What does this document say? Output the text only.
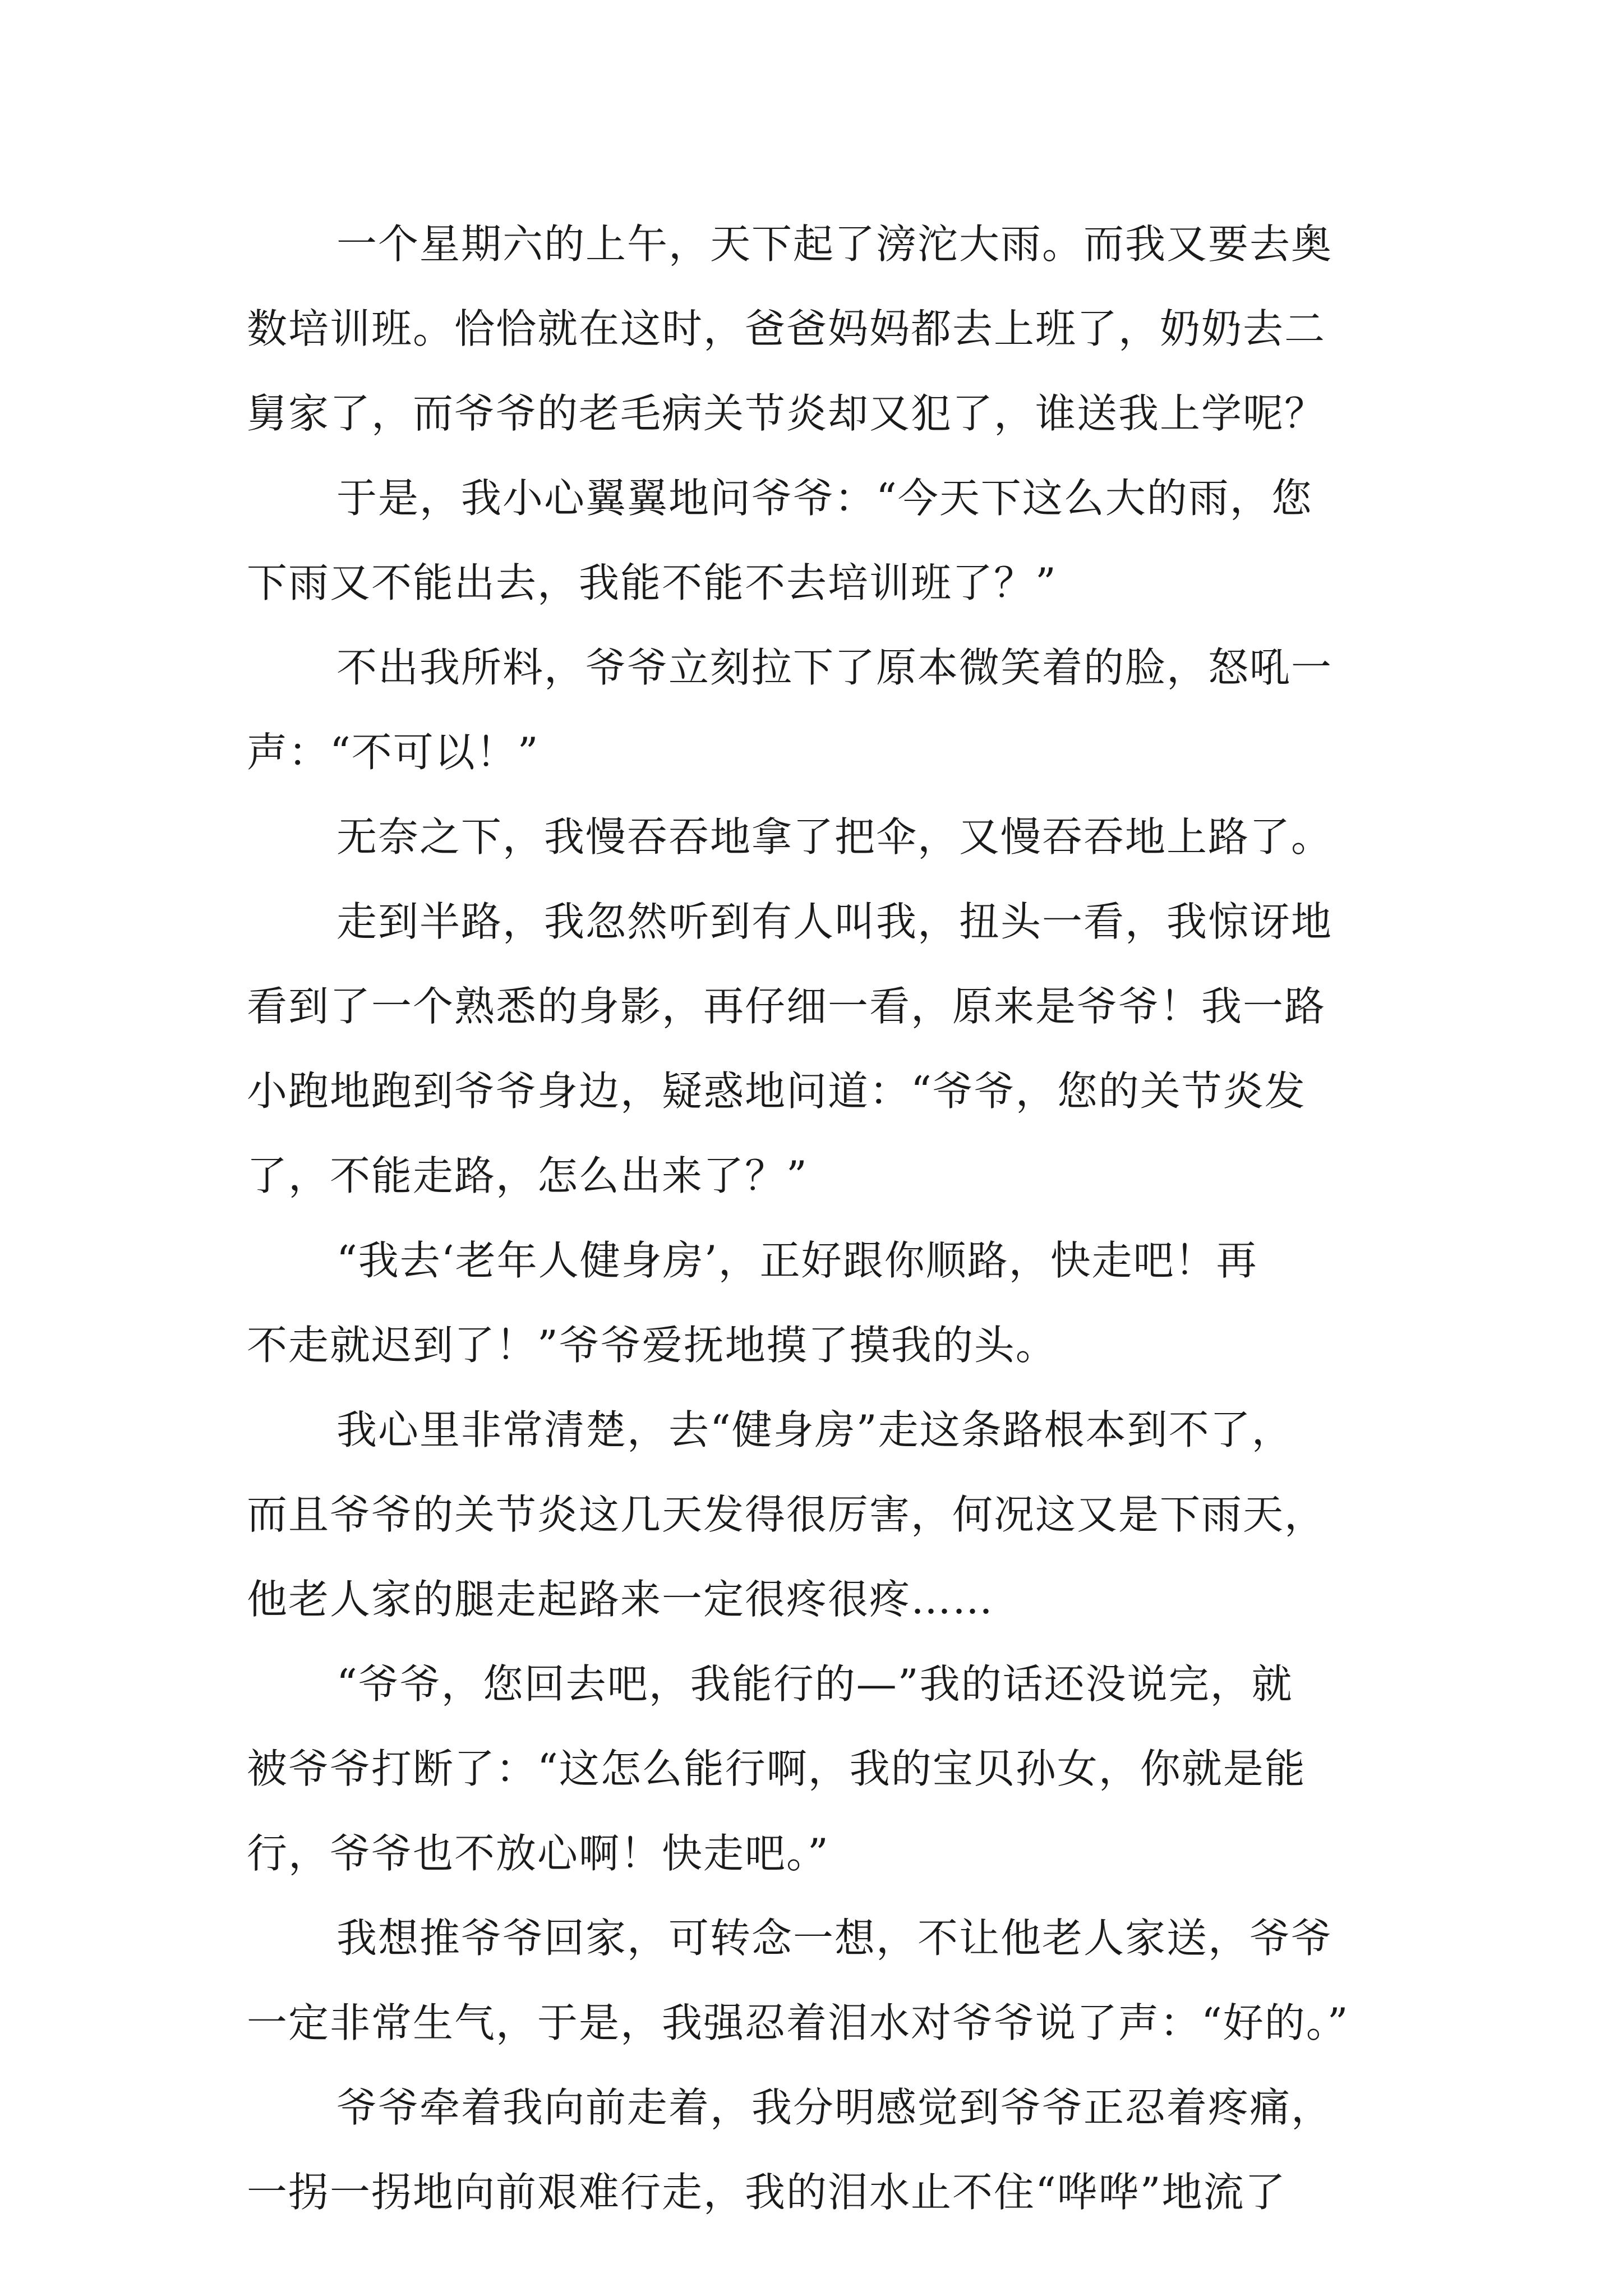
一个星期六的上午，天下起了滂沱大雨。而我又要去奥
数培训班。恰恰就在这时，爸爸妈妈都去上班了，奶奶去二
舅家了，而爷爷的老毛病关节炎却又犯了，谁送我上学呢？
于是，我小心翼翼地问爷爷：“今天下这么大的雨，您
下雨又不能出去，我能不能不去培训班了？”
不出我所料，爷爷立刻拉下了原本微笑着的脸，怒吼一
声：“不可以！”
无奈之下，我慢吞吞地拿了把伞，又慢吞吞地上路了。
走到半路，我忽然听到有人叫我，扭头一看，我惊讶地
看到了一个熟悉的身影，再仔细一看，原来是爷爷！我一路
小跑地跑到爷爷身边，疑惑地问道：“爷爷，您的关节炎发
了，不能走路，怎么出来了？”
“我去‘老年人健身房’，正好跟你顺路，快走吧！再
不走就迟到了！”爷爷爱抚地摸了摸我的头。
我心里非常清楚，去“健身房”走这条路根本到不了，
而且爷爷的关节炎这几天发得很厉害，何况这又是下雨天，
他老人家的腿走起路来一定很疼很疼……
“爷爷，您回去吧，我能行的—”我的话还没说完，就
被爷爷打断了：“这怎么能行啊，我的宝贝孙女，你就是能
行，爷爷也不放心啊！快走吧。”
我想推爷爷回家，可转念一想，不让他老人家送，爷爷
一定非常生气，于是，我强忍着泪水对爷爷说了声：“好的。”
爷爷牵着我向前走着，我分明感觉到爷爷正忍着疼痛，
一拐一拐地向前艰难行走，我的泪水止不住“哗哗”地流了
